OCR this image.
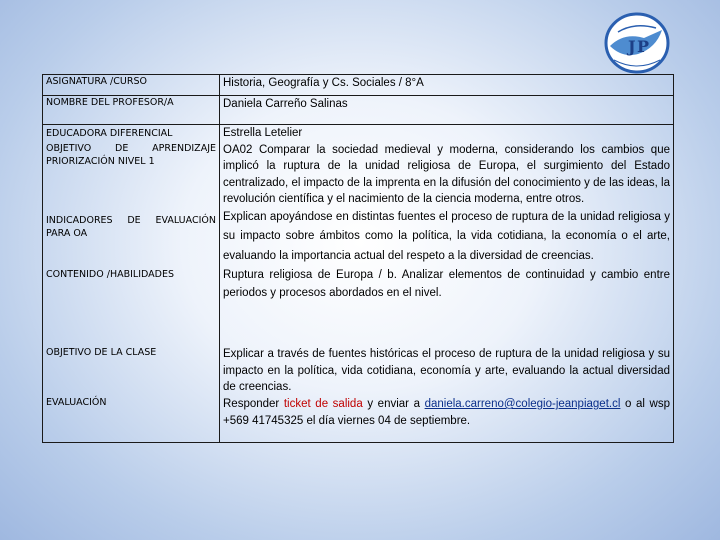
J P
ASIGNATURA /CURSO	Historia, Geografía y Cs. Sociales / 8°A
NOMBRE DEL PROFESOR/A	Daniela Carreño Salinas
EDUCADORA DIFERENCIAL	Estrella Letelier
OBJETIVO DE APRENDIZAJE PRIORIZACIÓN NIVEL 1	OA02 Comparar la sociedad medieval y moderna, considerando los cambios que implicó la ruptura de la unidad religiosa de Europa, el surgimiento del Estado centralizado, el impacto de la imprenta en la difusión del conocimiento y de las ideas, la revolución científica y el nacimiento de la ciencia moderna, entre otros.
INDICADORES DE EVALUACIÓN PARA OA	Explican apoyándose en distintas fuentes el proceso de ruptura de la unidad religiosa y su impacto sobre ámbitos como la política, la vida cotidiana, la economía o el arte, evaluando la importancia actual del respeto a la diversidad de creencias.
CONTENIDO /HABILIDADES	Ruptura religiosa de Europa / b. Analizar elementos de continuidad y cambio entre periodos y procesos abordados en el nivel.
OBJETIVO DE LA CLASE	Explicar a través de fuentes históricas el proceso de ruptura de la unidad religiosa y su impacto en la política, vida cotidiana, economía y arte, evaluando la actual diversidad de creencias.
EVALUACIÓN	Responder ticket de salida y enviar a daniela.carreno@colegio-jeanpiaget.cl o al wsp +569 41745325 el día viernes 04 de septiembre.
